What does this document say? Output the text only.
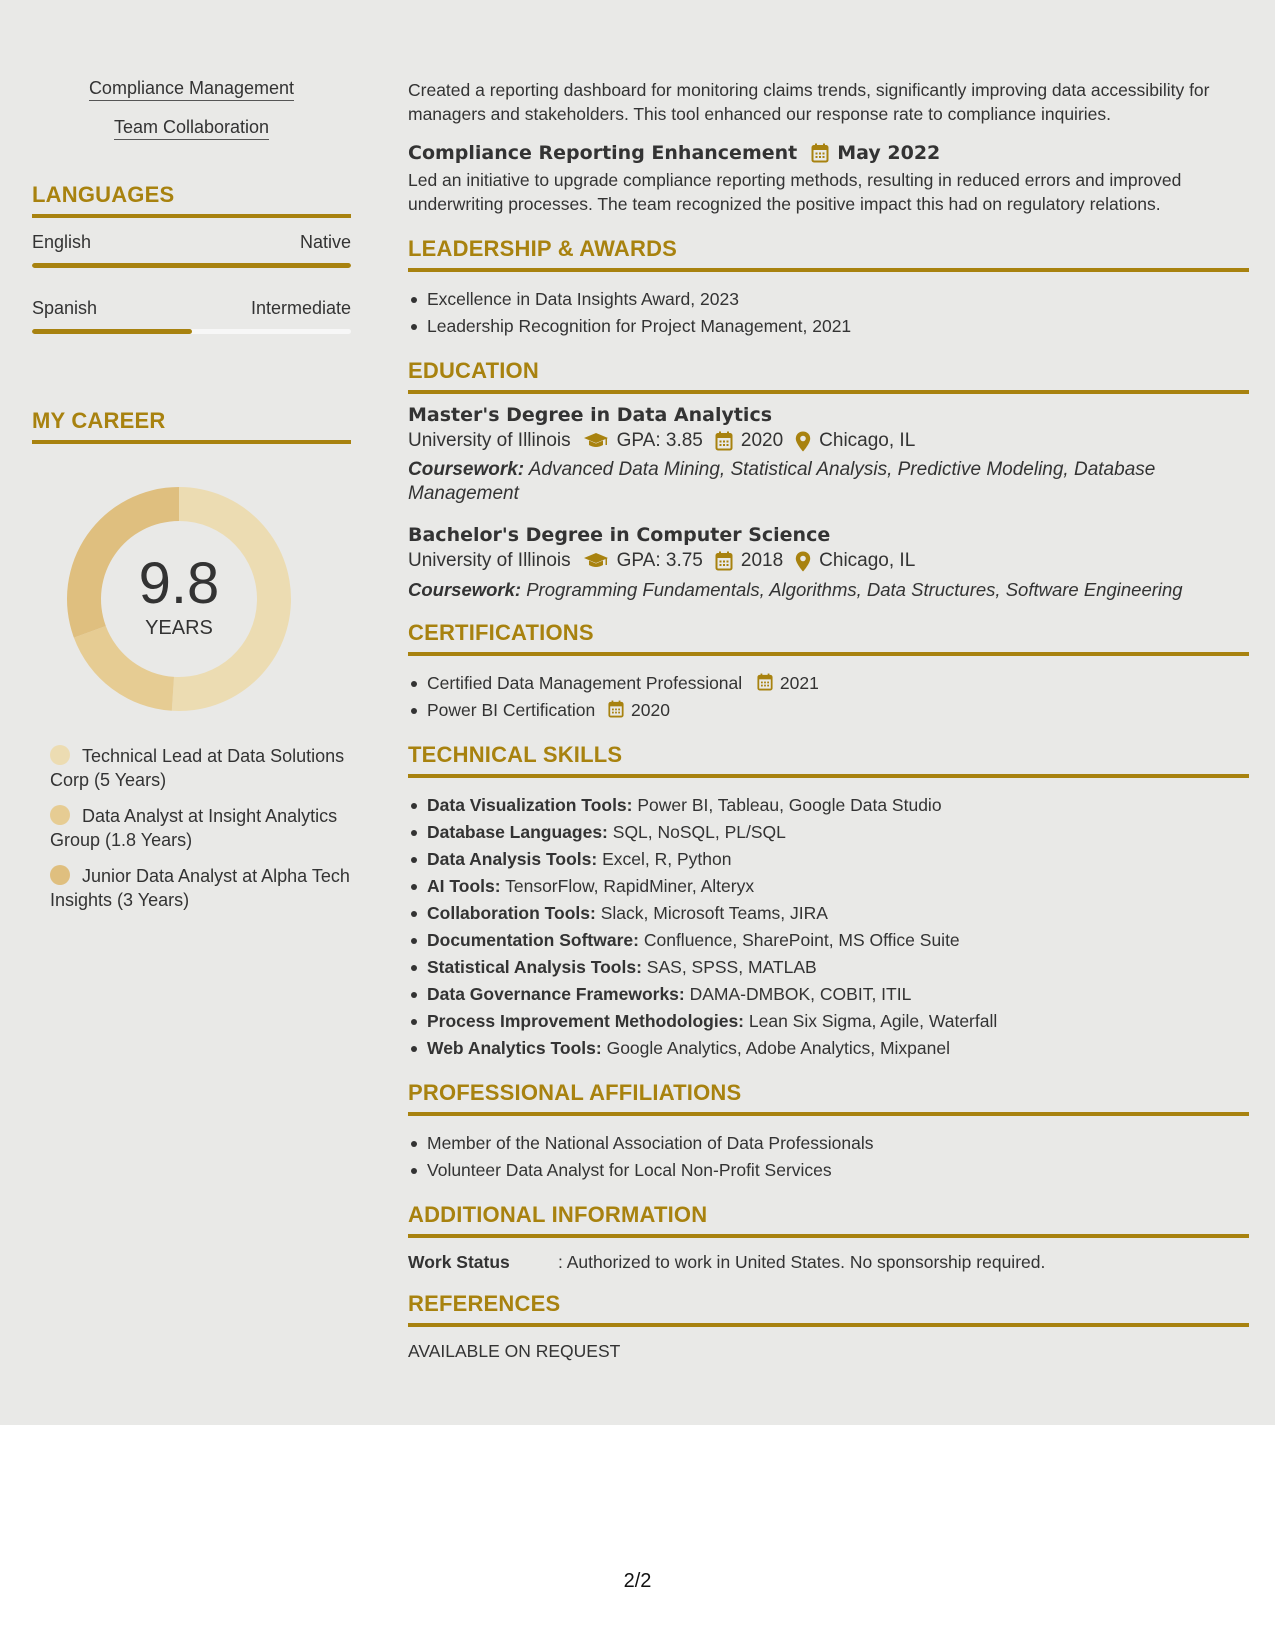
Compliance Management
Team Collaboration
LANGUAGES
English	Native
Spanish	Intermediate
MY CAREER
9.8
YEARS
Technical Lead at Data Solutions Corp (5 Years)
Data Analyst at Insight Analytics Group (1.8 Years)
Junior Data Analyst at Alpha Tech Insights (3 Years)

Created a reporting dashboard for monitoring claims trends, significantly improving data accessibility for managers and stakeholders. This tool enhanced our response rate to compliance inquiries.

Compliance Reporting Enhancement May 2022

Led an initiative to upgrade compliance reporting methods, resulting in reduced errors and improved underwriting processes. The team recognized the positive impact this had on regulatory relations.

LEADERSHIP & AWARDS
Excellence in Data Insights Award, 2023
Leadership Recognition for Project Management, 2021
EDUCATION
Master's Degree in Data Analytics
University of Illinois GPA: 3.85 2020 Chicago, IL
Coursework: Advanced Data Mining, Statistical Analysis, Predictive Modeling, Database Management
Bachelor's Degree in Computer Science
University of Illinois GPA: 3.75 2018 Chicago, IL
Coursework: Programming Fundamentals, Algorithms, Data Structures, Software Engineering
CERTIFICATIONS
Certified Data Management Professional 2021
Power BI Certification 2020
TECHNICAL SKILLS
Data Visualization Tools: Power BI, Tableau, Google Data Studio
Database Languages: SQL, NoSQL, PL/SQL
Data Analysis Tools: Excel, R, Python
AI Tools: TensorFlow, RapidMiner, Alteryx
Collaboration Tools: Slack, Microsoft Teams, JIRA
Documentation Software: Confluence, SharePoint, MS Office Suite
Statistical Analysis Tools: SAS, SPSS, MATLAB
Data Governance Frameworks: DAMA-DMBOK, COBIT, ITIL
Process Improvement Methodologies: Lean Six Sigma, Agile, Waterfall
Web Analytics Tools: Google Analytics, Adobe Analytics, Mixpanel
PROFESSIONAL AFFILIATIONS
Member of the National Association of Data Professionals
Volunteer Data Analyst for Local Non-Profit Services
ADDITIONAL INFORMATION
Work Status	: Authorized to work in United States. No sponsorship required.
REFERENCES
AVAILABLE ON REQUEST
2/2
